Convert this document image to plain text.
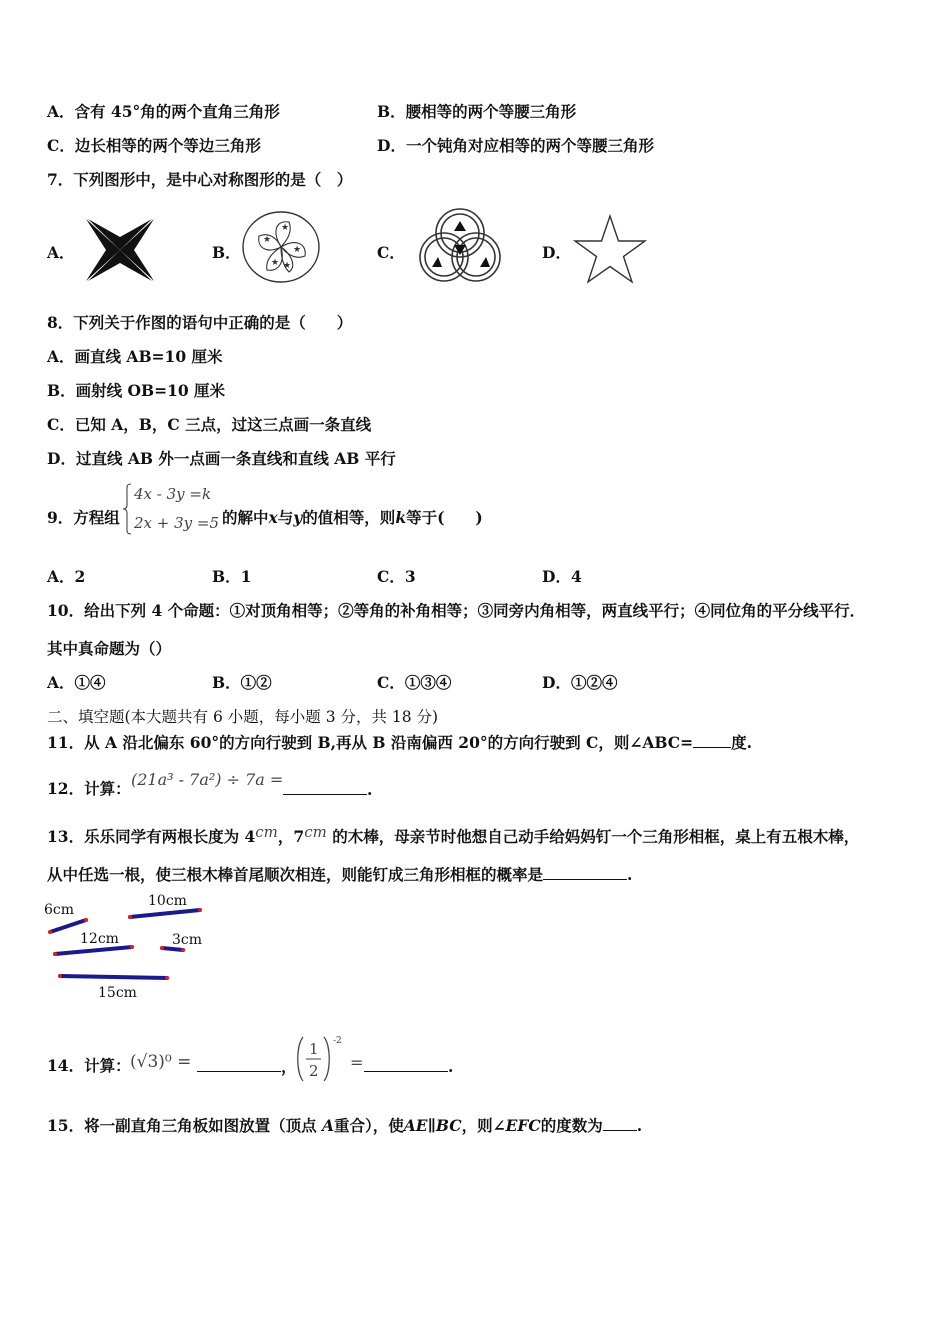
A．含有 45°角的两个直角三角形	B．腰相等的两个等腰三角形
C．边长相等的两个等边三角形	D．一个钝角对应相等的两个等腰三角形
7．下列图形中，是中心对称图形的是（　）
A．	B．
★
★
★
★
★
C．	D．
8．下列关于作图的语句中正确的是（　　）
A．画直线 AB=10 厘米
B．画射线 OB=10 厘米
C．已知 A，B，C 三点，过这三点画一条直线
D．过直线 AB 外一点画一条直线和直线 AB 平行
9．方程组
4x - 3y =k
2x + 3y =5 的解中x与y的值相等，则k等于(　　)
A．2	B．1	C．3	D．4
10．给出下列 4 个命题：①对顶角相等；②等角的补角相等；③同旁内角相等，两直线平行；④同位角的平分线平行．
其中真命题为（）
A．①④	B．①②	C．①③④	D．①②④
二、填空题(本大题共有 6 小题，每小题 3 分，共 18 分)
11．从 A 沿北偏东 60°的方向行驶到 B,再从 B 沿南偏西 20°的方向行驶到 C，则∠ABC= 度.
12．计算： (21a³ - 7a²) ÷ 7a =
.
13．乐乐同学有两根长度为 4cm，7cm 的木棒，母亲节时他想自己动手给妈妈钉一个三角形相框，桌上有五根木棒，
从中任选一根，使三根木棒首尾顺次相连，则能钉成三角形相框的概率是	.
6cm
10cm
12cm	3cm
15cm
14．计算： (√3)⁰ =	，
1
2
-2
=	.
15．将一副直角三角板如图放置（顶点 A重合），使AE∥BC，则∠EFC的度数为 .
